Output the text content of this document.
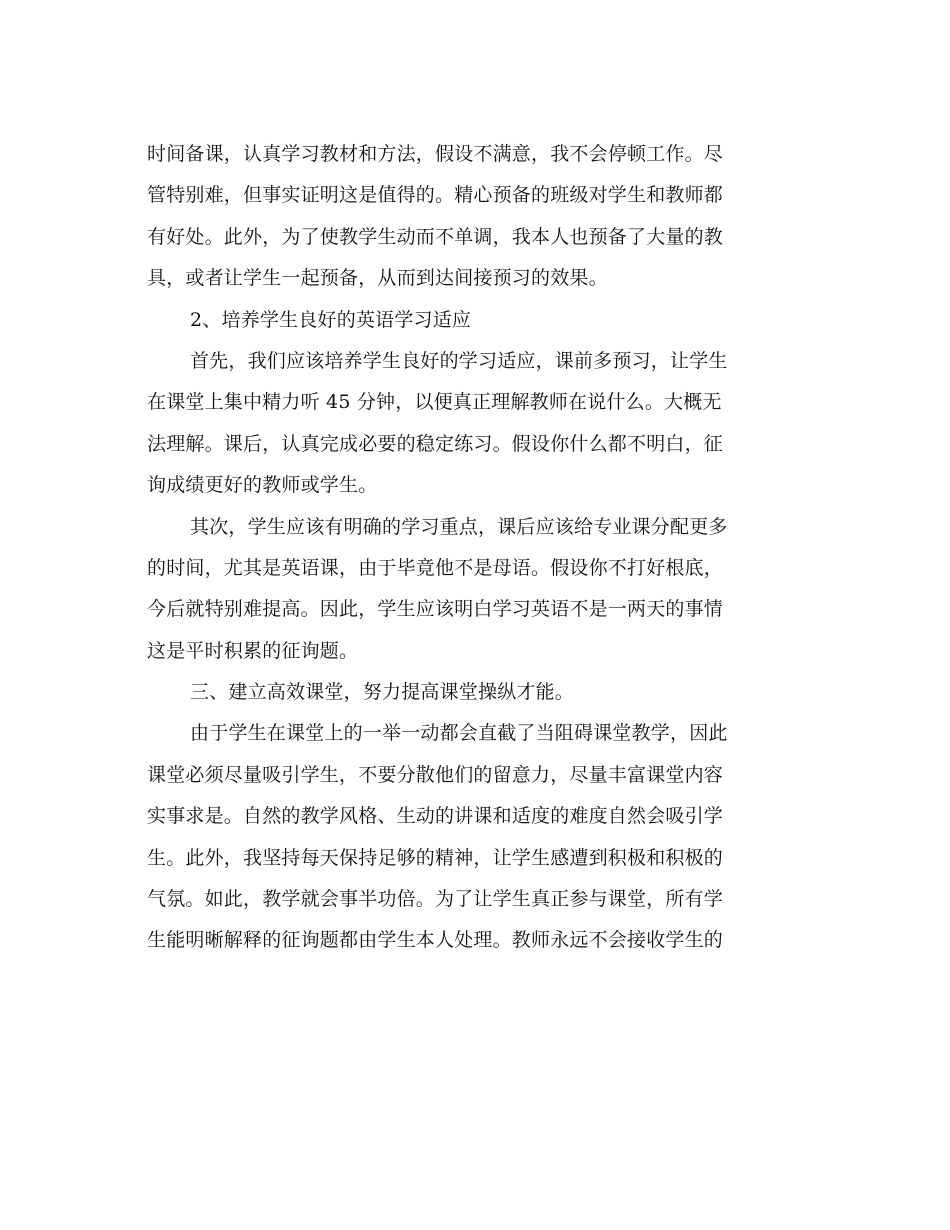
时间备课，认真学习教材和方法，假设不满意，我不会停顿工作。尽
管特别难，但事实证明这是值得的。精心预备的班级对学生和教师都
有好处。此外，为了使教学生动而不单调，我本人也预备了大量的教
具，或者让学生一起预备，从而到达间接预习的效果。
2、培养学生良好的英语学习适应
首先，我们应该培养学生良好的学习适应，课前多预习，让学生
在课堂上集中精力听 45 分钟，以便真正理解教师在说什么。大概无
法理解。课后，认真完成必要的稳定练习。假设你什么都不明白，征
询成绩更好的教师或学生。
其次，学生应该有明确的学习重点，课后应该给专业课分配更多
的时间，尤其是英语课，由于毕竟他不是母语。假设你不打好根底，
今后就特别难提高。因此，学生应该明白学习英语不是一两天的事情
这是平时积累的征询题。
三、建立高效课堂，努力提高课堂操纵才能。
由于学生在课堂上的一举一动都会直截了当阻碍课堂教学，因此
课堂必须尽量吸引学生，不要分散他们的留意力，尽量丰富课堂内容
实事求是。自然的教学风格、生动的讲课和适度的难度自然会吸引学
生。此外，我坚持每天保持足够的精神，让学生感遭到积极和积极的
气氛。如此，教学就会事半功倍。为了让学生真正参与课堂，所有学
生能明晰解释的征询题都由学生本人处理。教师永远不会接收学生的
